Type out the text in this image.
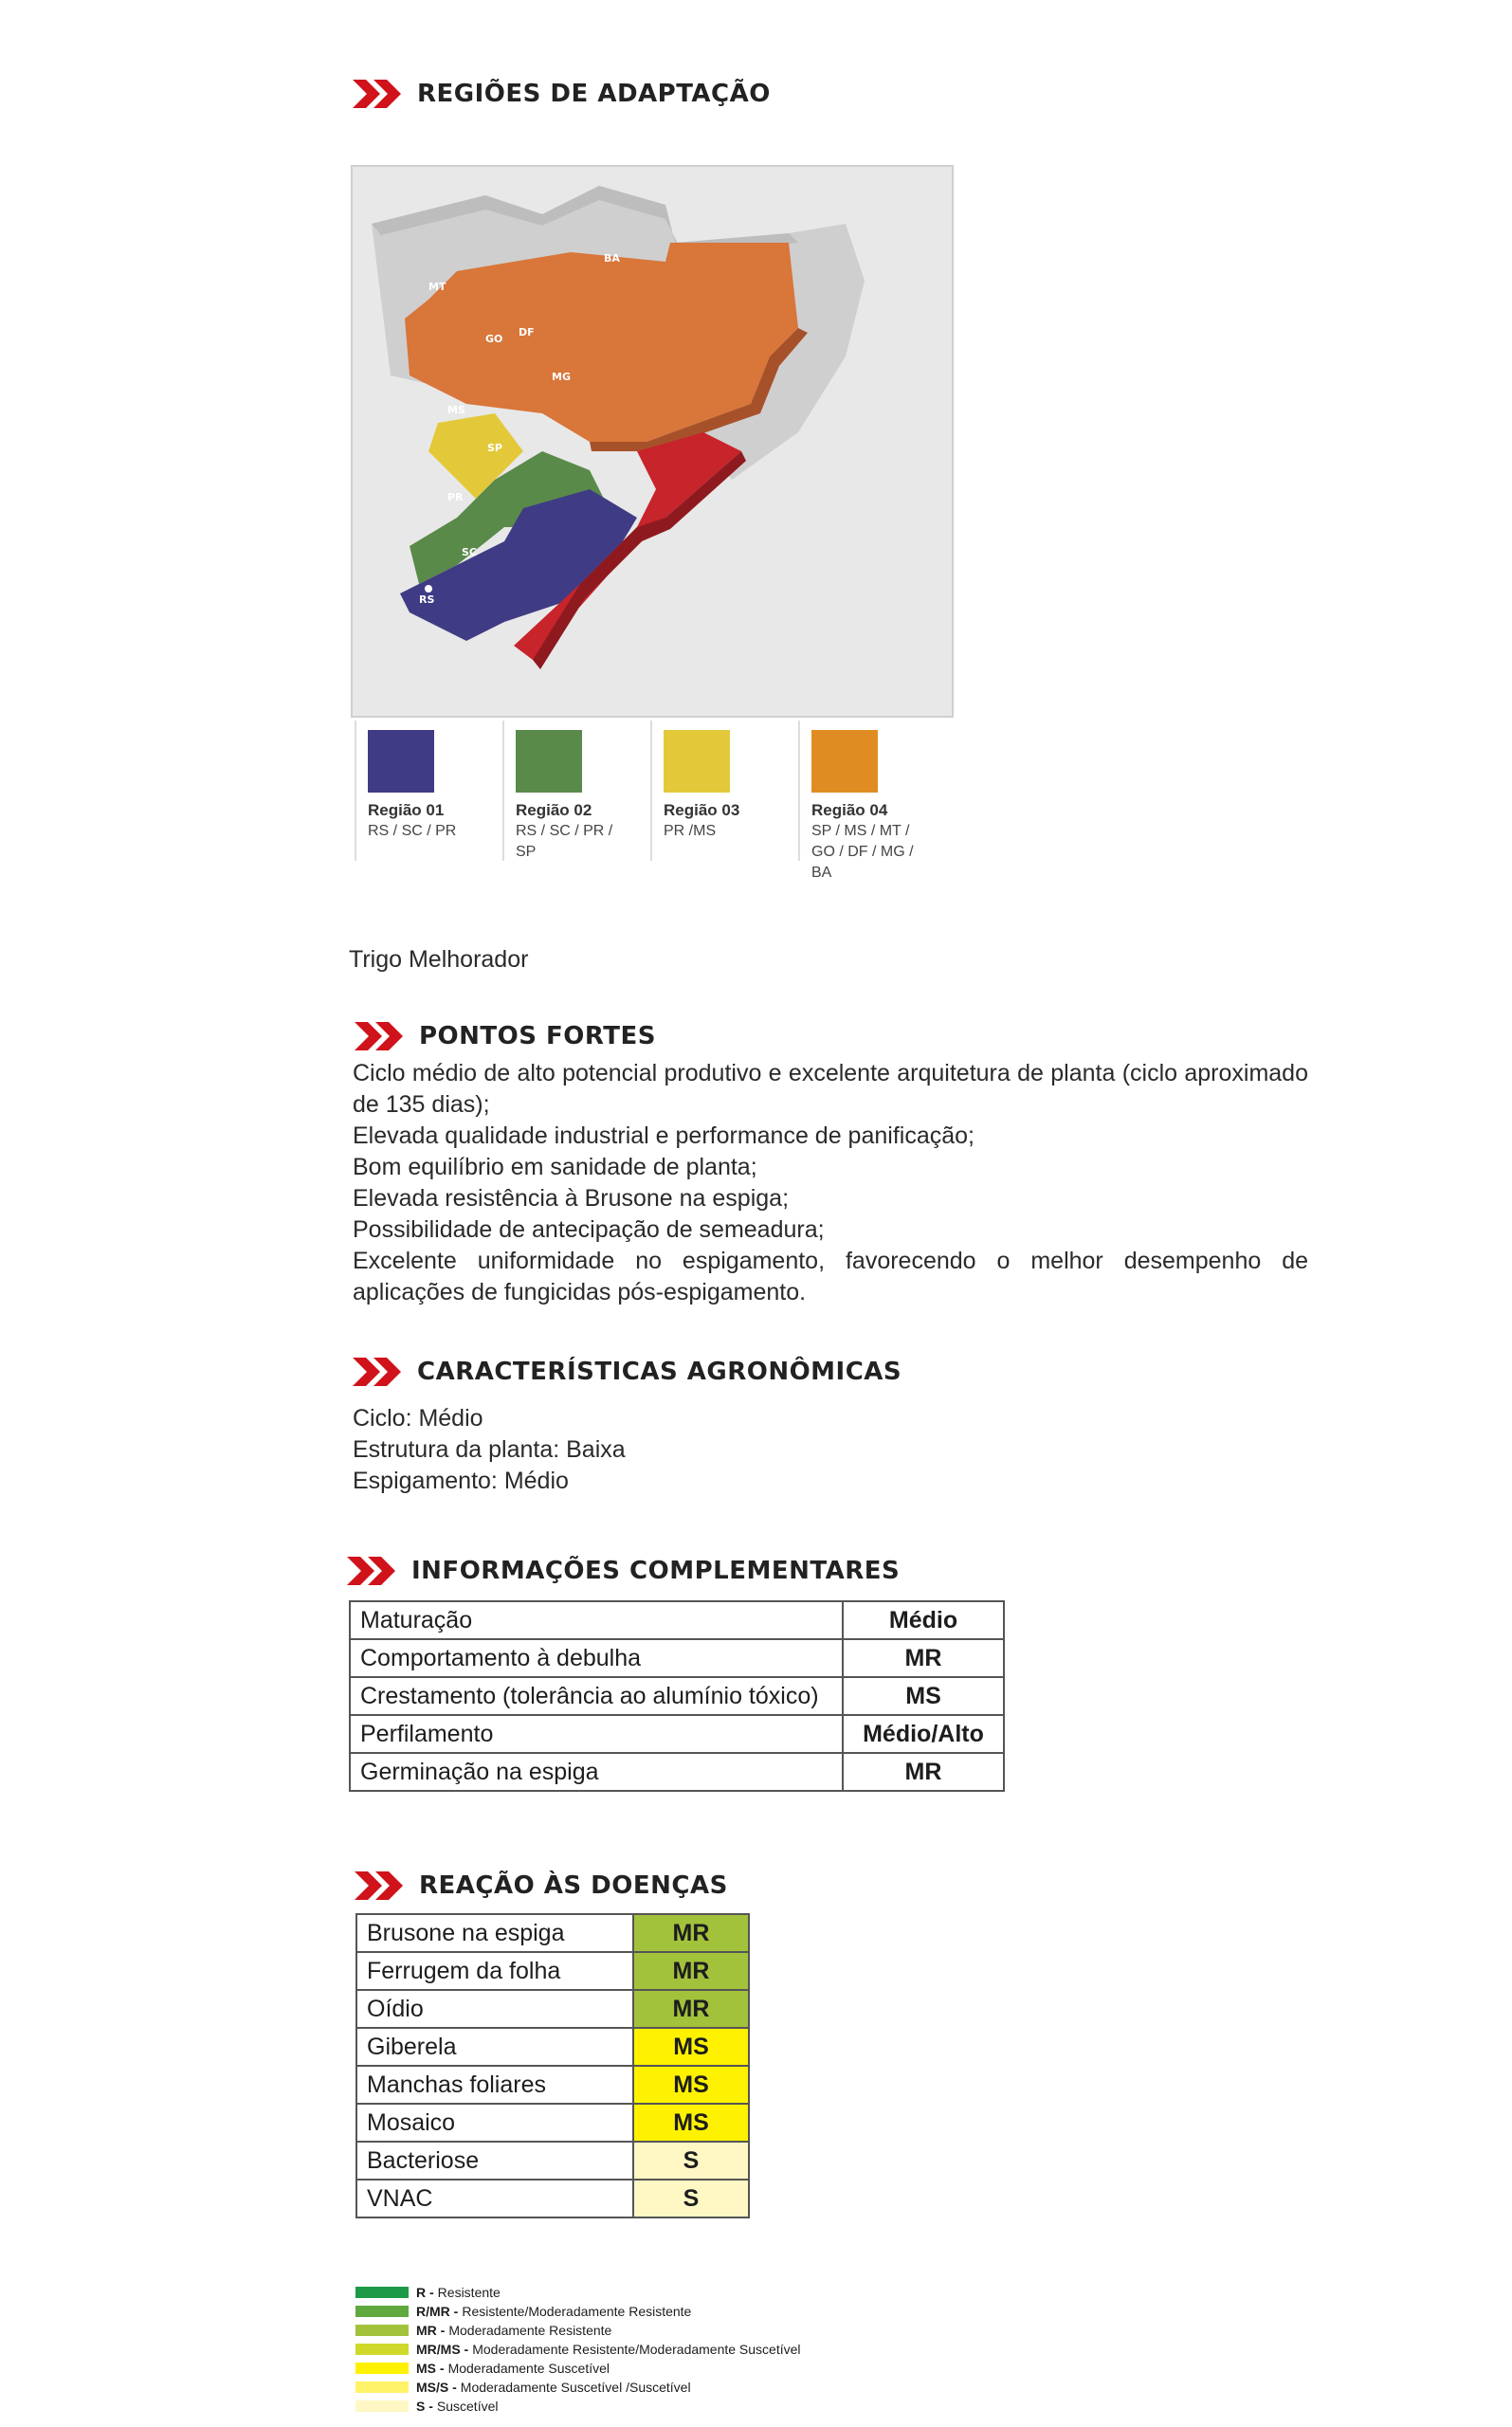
REGIÕES DE ADAPTAÇÃO
MT
GO
DF
BA
MS
MG
SP
PR
SC
RS
Região 01
RS / SC / PR
Região 02
RS / SC / PR / SP
Região 03
PR /MS
Região 04
SP / MS / MT / GO / DF / MG / BA
Trigo Melhorador
PONTOS FORTES
Ciclo médio de alto potencial produtivo e excelente arquitetura de planta (ciclo aproximado de 135 dias);
Elevada qualidade industrial e performance de panificação;
Bom equilíbrio em sanidade de planta;
Elevada resistência à Brusone na espiga;
Possibilidade de antecipação de semeadura;
Excelente uniformidade no espigamento, favorecendo o melhor desempenho de aplicações de fungicidas pós-espigamento.
CARACTERÍSTICAS AGRONÔMICAS
Ciclo: Médio
Estrutura da planta: Baixa
Espigamento: Médio
INFORMAÇÕES COMPLEMENTARES
Maturação	Médio
Comportamento à debulha	MR
Crestamento (tolerância ao alumínio tóxico)	MS
Perfilamento	Médio/Alto
Germinação na espiga	MR
REAÇÃO ÀS DOENÇAS
Brusone na espiga	MR
Ferrugem da folha	MR
Oídio	MR
Giberela	MS
Manchas foliares	MS
Mosaico	MS
Bacteriose	S
VNAC	S
R - Resistente
R/MR - Resistente/Moderadamente Resistente
MR - Moderadamente Resistente
MR/MS - Moderadamente Resistente/Moderadamente Suscetível
MS - Moderadamente Suscetível
MS/S - Moderadamente Suscetível /Suscetível
S - Suscetível
